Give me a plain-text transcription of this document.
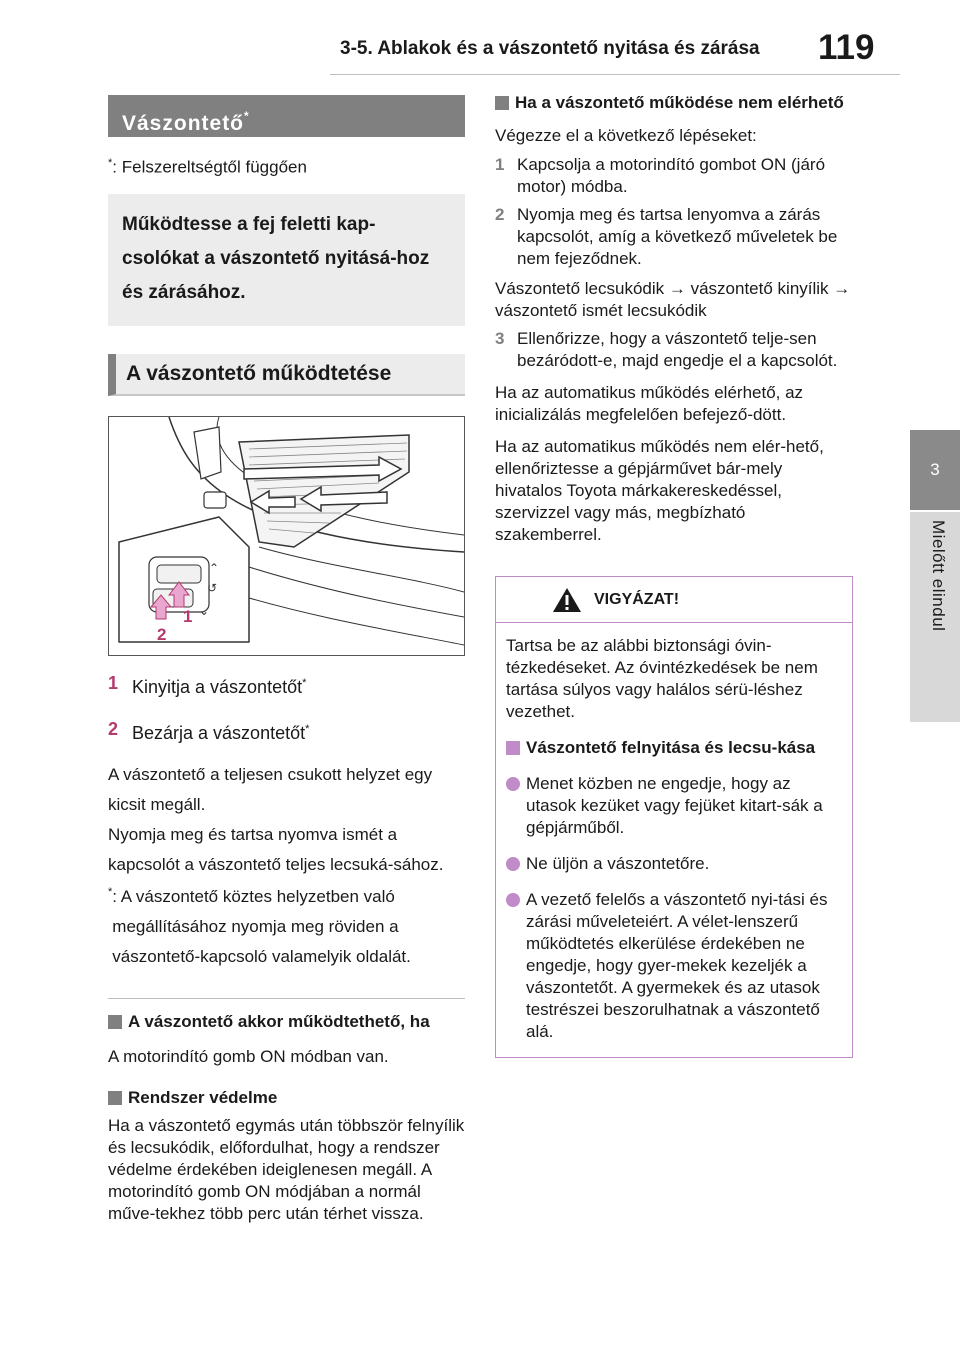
3-5. Ablakok és a vászontető nyitása és zárása 119
3
Mielőtt elindul
Vászontető*
*: Felszereltségtől függően
Működtesse a fej feletti kap-csolókat a vászontető nyitásá-hoz és zárásához.
A vászontető működtetése
⌃
↺
⌄
1
2
1 Kinyitja a vászontetőt*
2 Bezárja a vászontetőt*
A vászontető a teljesen csukott helyzet egy kicsit megáll.
Nyomja meg és tartsa nyomva ismét a kapcsolót a vászontető teljes lecsuká-sához.
* : A vászontető köztes helyzetben való megállításához nyomja meg röviden a vászontető-kapcsoló valamelyik oldalát.
A vászontető akkor működtethető, ha
A motorindító gomb ON módban van.
Rendszer védelme
Ha a vászontető egymás után többször felnyílik és lecsukódik, előfordulhat, hogy a rendszer védelme érdekében ideiglenesen megáll. A motorindító gomb ON módjában a normál műve-tekhez több perc után térhet vissza.
Ha a vászontető működése nem elérhető
Végezze el a következő lépéseket:
1 Kapcsolja a motorindító gombot ON (járó motor) módba.
2 Nyomja meg és tartsa lenyomva a zárás kapcsolót, amíg a következő műveletek be nem fejeződnek.
Vászontető lecsukódik → vászontető kinyílik → vászontető ismét lecsukódik
3 Ellenőrizze, hogy a vászontető telje-sen bezáródott-e, majd engedje el a kapcsolót.
Ha az automatikus működés elérhető, az inicializálás megfelelően befejező-dött.
Ha az automatikus működés nem elér-hető, ellenőriztesse a gépjárművet bár-mely hivatalos Toyota márkakereskedéssel, szervizzel vagy más, megbízható szakemberrel.
VIGYÁZAT!
Tartsa be az alábbi biztonsági óvin-tézkedéseket. Az óvintézkedések be nem tartása súlyos vagy halálos sérü-léshez vezethet.
Vászontető felnyitása és lecsu-kása
Menet közben ne engedje, hogy az utasok kezüket vagy fejüket kitart-sák a gépjárműből.
Ne üljön a vászontetőre.
A vezető felelős a vászontető nyi-tási és zárási műveleteiért. A vélet-lenszerű működtetés elkerülése érdekében ne engedje, hogy gyer-mekek kezeljék a vászontetőt. A gyermekek és az utasok testrészei beszorulhatnak a vászontető alá.
